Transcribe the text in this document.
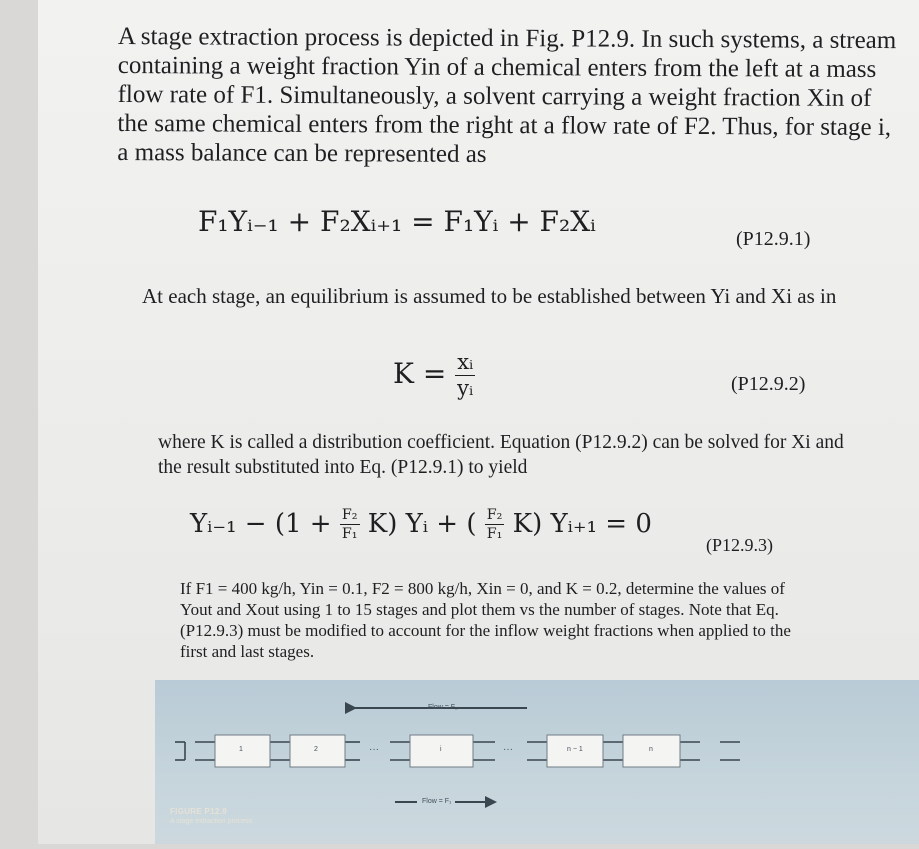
A stage extraction process is depicted in Fig. P12.9. In such systems, a stream containing a weight fraction Yin of a chemical enters from the left at a mass flow rate of F1. Simultaneously, a solvent carrying a weight fraction Xin of the same chemical enters from the right at a flow rate of F2. Thus, for stage i, a mass balance can be represented as

F₁Yᵢ₋₁ + F₂Xᵢ₊₁ = F₁Yᵢ + F₂Xᵢ
(P12.9.1)

At each stage, an equilibrium is assumed to be established between Yi and Xi as in

$K = \frac{\text{xᵢ}}{\text{yᵢ}}$	(P12.9.2)

where K is called a distribution coefficient. Equation (P12.9.2) can be solved for Xi and the result substituted into Eq. (P12.9.1) to yield

Yᵢ₋₁ − $(1 + \frac{\text{F₂}}{\text{F₁}} K)$ Yᵢ + ( $\frac{\text{F₂}}{\text{F₁}} K$) Yᵢ₊₁ = 0
(P12.9.3)

If F1 = 400 kg/h, Yin = 0.1, F2 = 800 kg/h, Xin = 0, and K = 0.2, determine the values of Yout and Xout using 1 to 15 stages and plot them vs the number of stages. Note that Eq. (P12.9.3) must be modified to account for the inflow weight fractions when applied to the first and last stages.

Flow = F₂
Flow = F₁
1	2	i	n − 1	n
···	···
FIGURE P12.9
A stage extraction process
